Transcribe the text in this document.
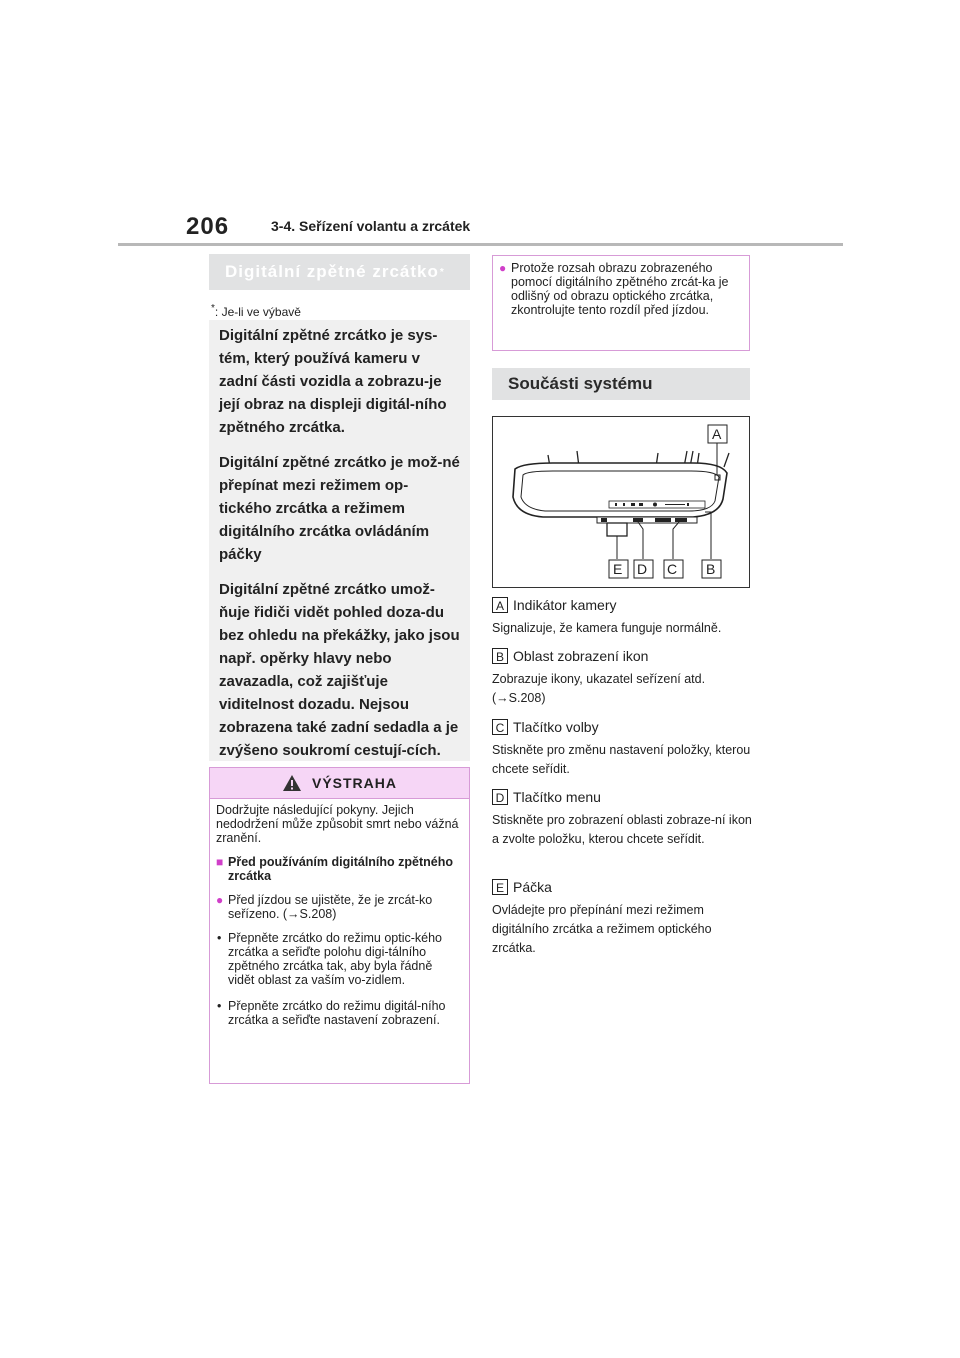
206	3-4. Seřízení volantu a zrcátek
Digitální zpětné zrcátko *
*: Je-li ve výbavě

Digitální zpětné zrcátko je sys-tém, který používá kameru v zadní části vozidla a zobrazu-je její obraz na displeji digitál-ního zpětného zrcátka.

Digitální zpětné zrcátko je mož-né přepínat mezi režimem op-tického zrcátka a režimem digitálního zrcátka ovládáním páčky

Digitální zpětné zrcátko umož-ňuje řidiči vidět pohled doza-du bez ohledu na překážky, jako jsou např. opěrky hlavy nebo zavazadla, což zajišťuje viditelnost dozadu. Nejsou zobrazena také zadní sedadla a je zvýšeno soukromí cestují-cích.

VÝSTRAHA

Dodržujte následující pokyny. Jejich nedodržení může způsobit smrt nebo vážná zranění.

■ Před používáním digitálního zpětného zrcátka
● Před jízdou se ujistěte, že je zrcát-ko seřízeno. (→S.208)
• Přepněte zrcátko do režimu optic-kého zrcátka a seřiďte polohu digi-tálního zpětného zrcátka tak, aby byla řádně vidět oblast za vaším vo-zidlem.
• Přepněte zrcátko do režimu digitál-ního zrcátka a seřiďte nastavení zobrazení.
● Protože rozsah obrazu zobrazeného pomocí digitálního zpětného zrcát-ka je odlišný od obrazu optického zrcátka, zkontrolujte tento rozdíl před jízdou.
Součásti systému
A
E D C B
A Indikátor kamery
Signalizuje, že kamera funguje normálně.
B Oblast zobrazení ikon
Zobrazuje ikony, ukazatel seřízení atd. (→S.208)
C Tlačítko volby
Stiskněte pro změnu nastavení položky, kterou chcete seřídit.
D Tlačítko menu
Stiskněte pro zobrazení oblasti zobraze-ní ikon a zvolte položku, kterou chcete seřídit.
E Páčka
Ovládejte pro přepínání mezi režimem digitálního zrcátka a režimem optického zrcátka.
